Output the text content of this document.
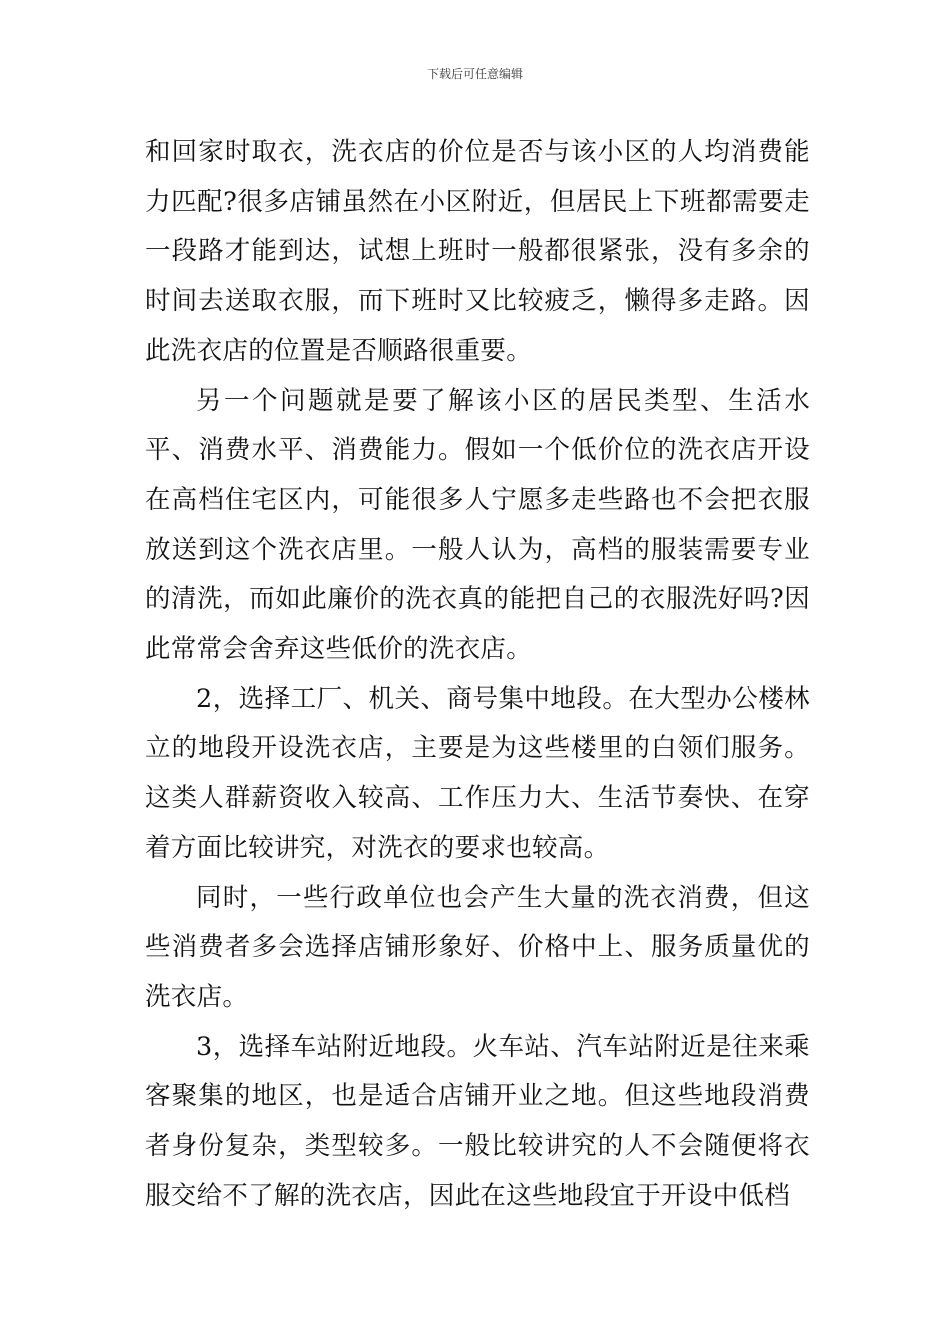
下载后可任意编辑

和回家时取衣，洗衣店的价位是否与该小区的人均消费能力匹配?很多店铺虽然在小区附近，但居民上下班都需要走一段路才能到达，试想上班时一般都很紧张，没有多余的时间去送取衣服，而下班时又比较疲乏，懒得多走路。因此洗衣店的位置是否顺路很重要。

另一个问题就是要了解该小区的居民类型、生活水平、消费水平、消费能力。假如一个低价位的洗衣店开设在高档住宅区内，可能很多人宁愿多走些路也不会把衣服放送到这个洗衣店里。一般人认为，高档的服装需要专业的清洗，而如此廉价的洗衣真的能把自己的衣服洗好吗?因此常常会舍弃这些低价的洗衣店。

2，选择工厂、机关、商号集中地段。在大型办公楼林立的地段开设洗衣店，主要是为这些楼里的白领们服务。这类人群薪资收入较高、工作压力大、生活节奏快、在穿着方面比较讲究，对洗衣的要求也较高。

同时，一些行政单位也会产生大量的洗衣消费，但这些消费者多会选择店铺形象好、价格中上、服务质量优的洗衣店。

3，选择车站附近地段。火车站、汽车站附近是往来乘客聚集的地区，也是适合店铺开业之地。但这些地段消费者身份复杂，类型较多。一般比较讲究的人不会随便将衣服交给不了解的洗衣店，因此在这些地段宜于开设中低档
